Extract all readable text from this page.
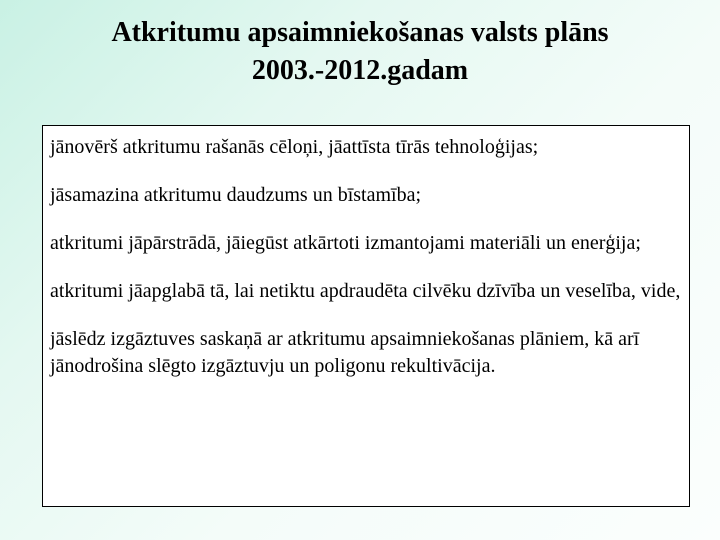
Atkritumu apsaimniekošanas valsts plāns
2003.-2012.gadam

jānovērš atkritumu rašanās cēloņi, jāattīsta tīrās tehnoloģijas;

jāsamazina atkritumu daudzums un bīstamība;

atkritumi jāpārstrādā, jāiegūst atkārtoti izmantojami materiāli un enerģija;

atkritumi jāapglabā tā, lai netiktu apdraudēta cilvēku dzīvība un veselība, vide,

jāslēdz izgāztuves saskaņā ar atkritumu apsaimniekošanas plāniem, kā arī jānodrošina slēgto izgāztuvju un poligonu rekultivācija.
